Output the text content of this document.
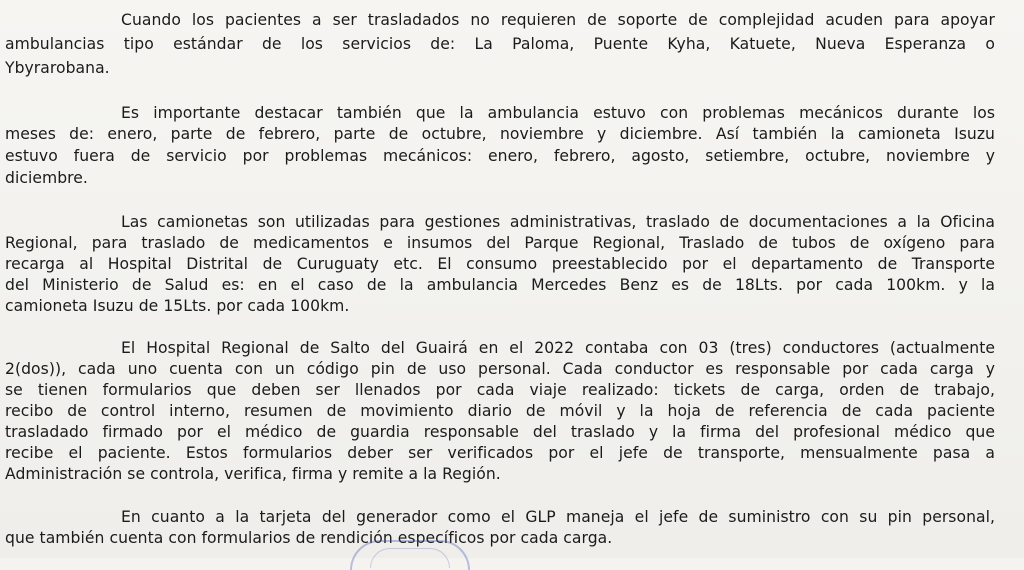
Cuando los pacientes a ser trasladados no requieren de soporte de complejidad acuden para apoyar
ambulancias tipo estándar de los servicios de: La Paloma, Puente Kyha, Katuete, Nueva Esperanza o
Ybyrarobana.
Es importante destacar también que la ambulancia estuvo con problemas mecánicos durante los
meses de: enero, parte de febrero, parte de octubre, noviembre y diciembre. Así también la camioneta Isuzu
estuvo fuera de servicio por problemas mecánicos: enero, febrero, agosto, setiembre, octubre, noviembre y
diciembre.
Las camionetas son utilizadas para gestiones administrativas, traslado de documentaciones a la Oficina
Regional, para traslado de medicamentos e insumos del Parque Regional, Traslado de tubos de oxígeno para
recarga al Hospital Distrital de Curuguaty etc. El consumo preestablecido por el departamento de Transporte
del Ministerio de Salud es: en el caso de la ambulancia Mercedes Benz es de 18Lts. por cada 100km. y la
camioneta Isuzu de 15Lts. por cada 100km.
El Hospital Regional de Salto del Guairá en el 2022 contaba con 03 (tres) conductores (actualmente
2(dos)), cada uno cuenta con un código pin de uso personal. Cada conductor es responsable por cada carga y
se tienen formularios que deben ser llenados por cada viaje realizado: tickets de carga, orden de trabajo,
recibo de control interno, resumen de movimiento diario de móvil y la hoja de referencia de cada paciente
trasladado firmado por el médico de guardia responsable del traslado y la firma del profesional médico que
recibe el paciente. Estos formularios deber ser verificados por el jefe de transporte, mensualmente pasa a
Administración se controla, verifica, firma y remite a la Región.
En cuanto a la tarjeta del generador como el GLP maneja el jefe de suministro con su pin personal,
que también cuenta con formularios de rendición específicos por cada carga.
